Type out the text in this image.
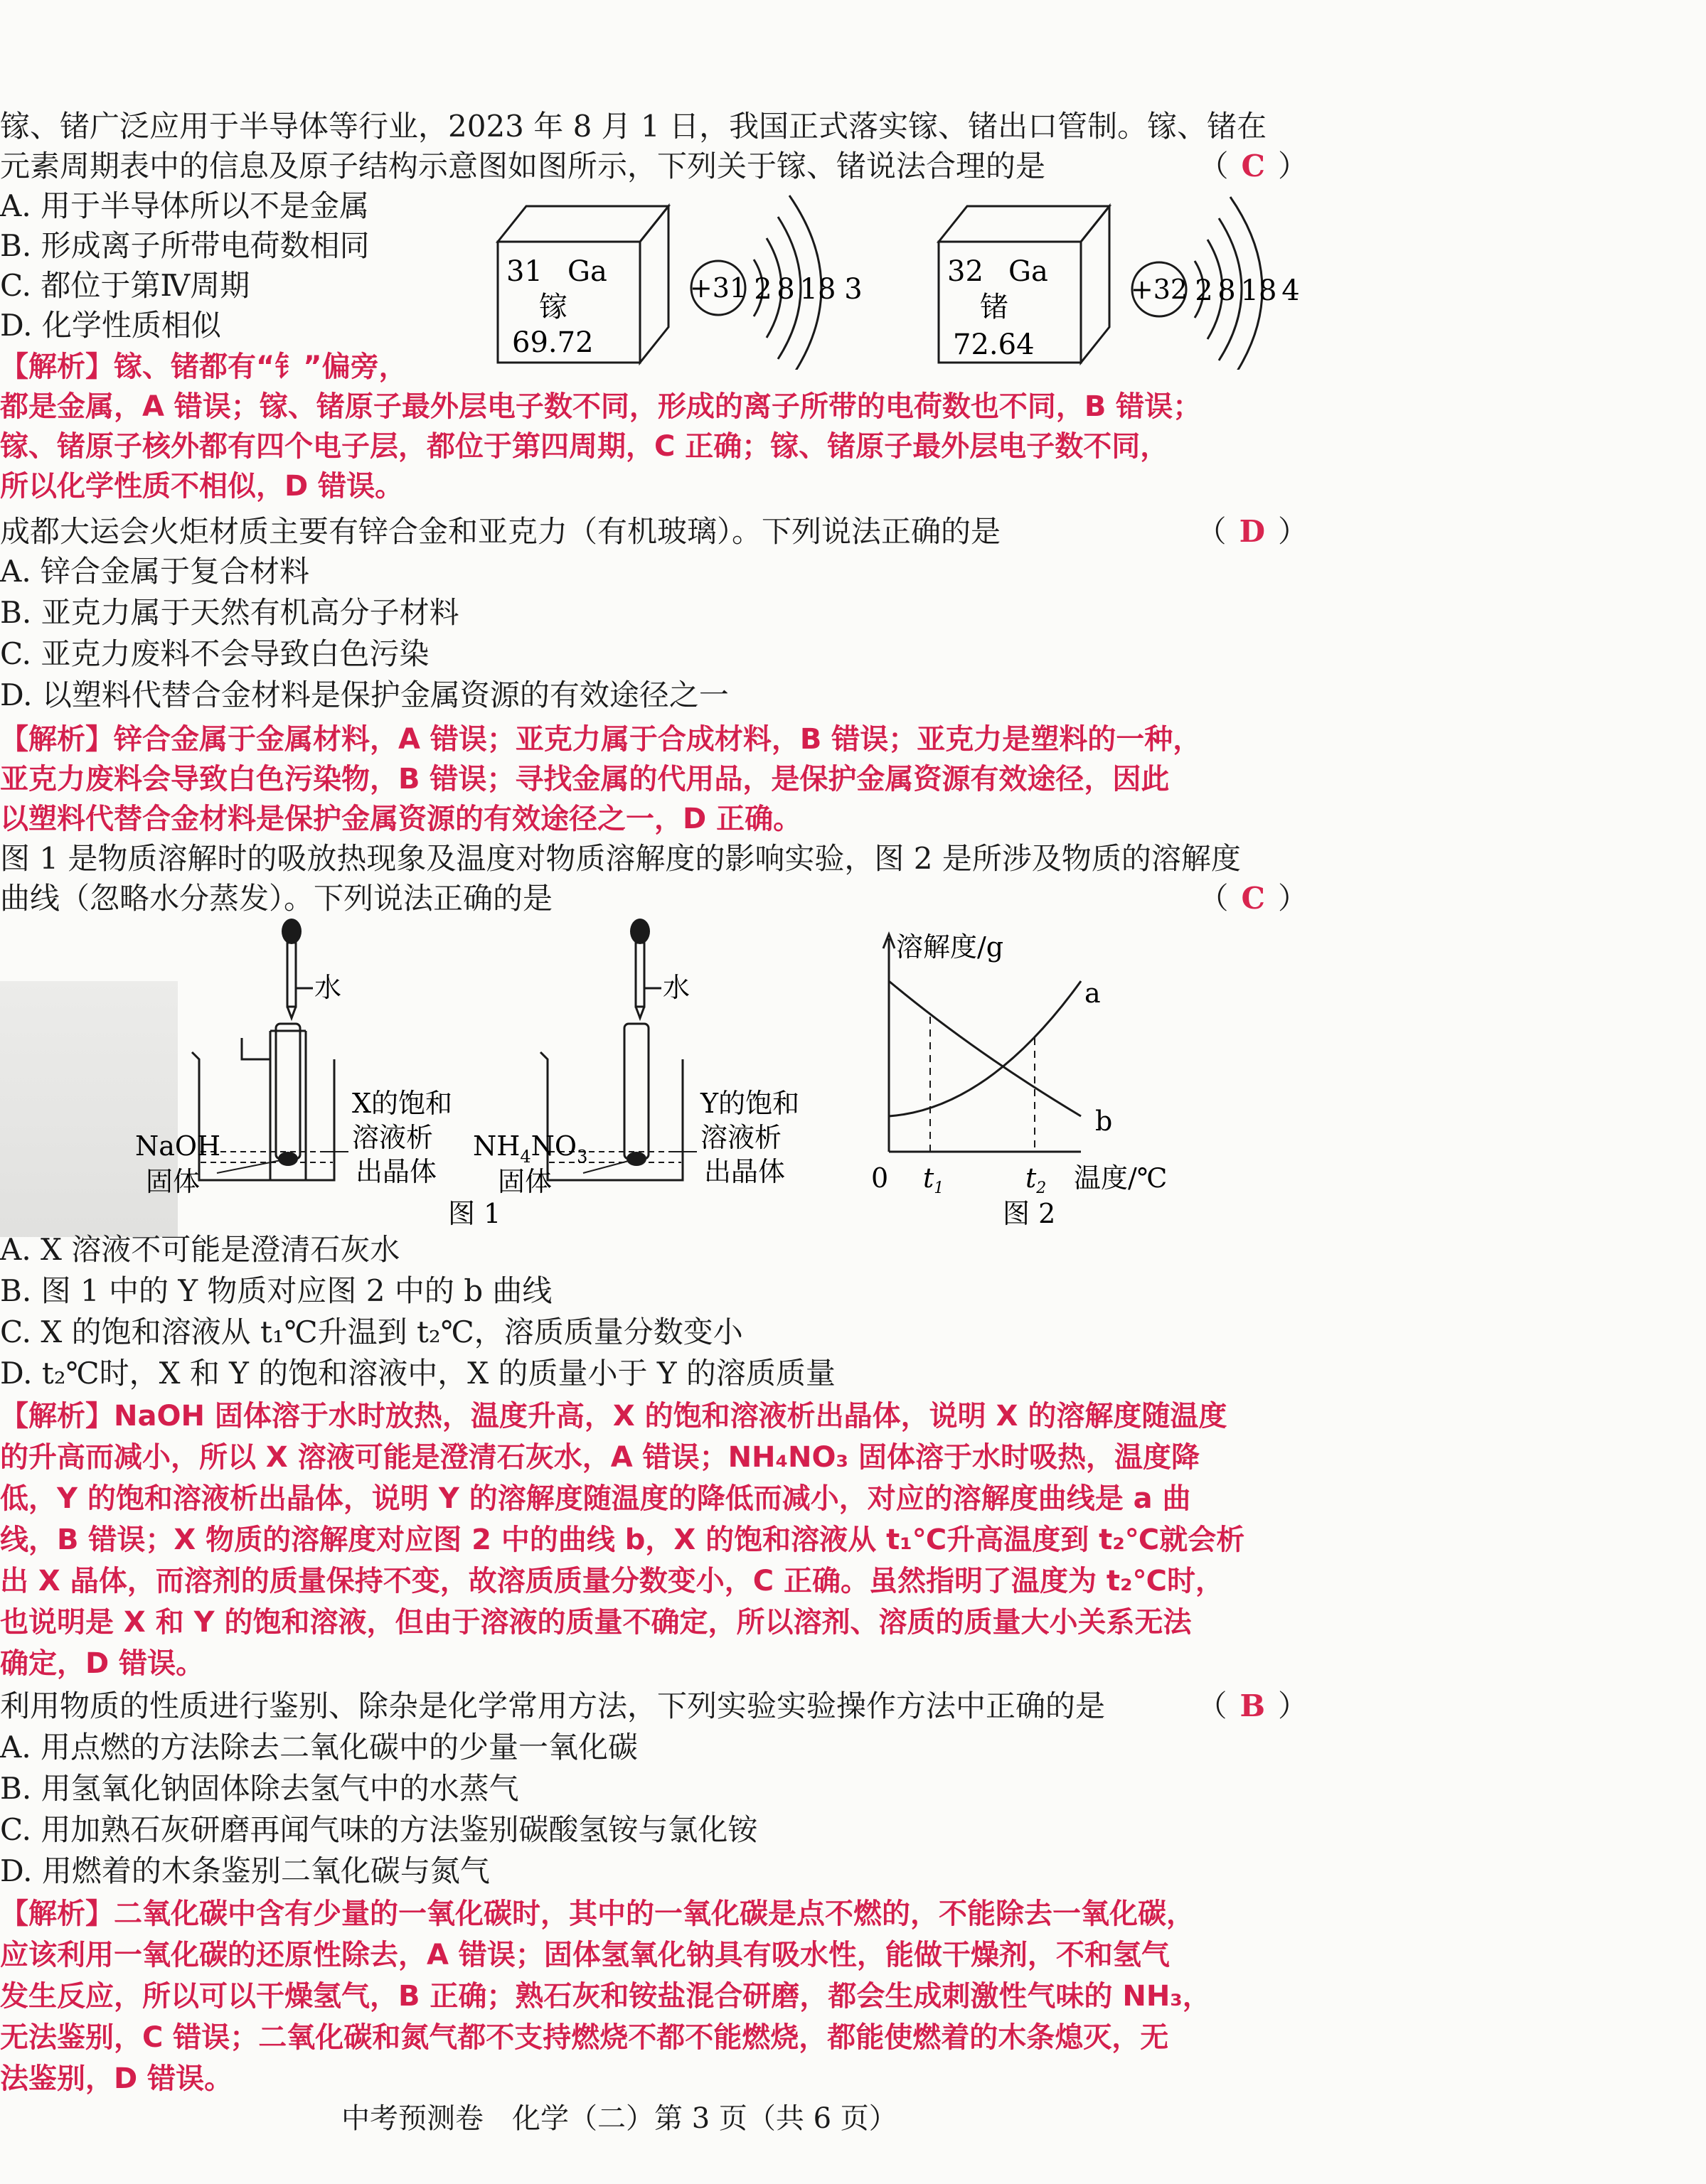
镓、锗广泛应用于半导体等行业，2023 年 8 月 1 日，我国正式落实镓、锗出口管制。镓、锗在
元素周期表中的信息及原子结构示意图如图所示，下列关于镓、锗说法合理的是	（ C ）
A. 用于半导体所以不是金属
B. 形成离子所带电荷数相同
C. 都位于第Ⅳ周期
D. 化学性质相似
31 Ga
镓
69.72
+31 2 8 18 3
32 Ga
锗
72.64
+32 2 8 18 4
【解析】镓、锗都有“钅”偏旁，
都是金属，A 错误；镓、锗原子最外层电子数不同，形成的离子所带的电荷数也不同，B 错误；
镓、锗原子核外都有四个电子层，都位于第四周期，C 正确；镓、锗原子最外层电子数不同，
所以化学性质不相似，D 错误。
成都大运会火炬材质主要有锌合金和亚克力（有机玻璃）。下列说法正确的是	（ D ）
A. 锌合金属于复合材料
B. 亚克力属于天然有机高分子材料
C. 亚克力废料不会导致白色污染
D. 以塑料代替合金材料是保护金属资源的有效途径之一
【解析】锌合金属于金属材料，A 错误；亚克力属于合成材料，B 错误；亚克力是塑料的一种，
亚克力废料会导致白色污染物，B 错误；寻找金属的代用品，是保护金属资源有效途径，因此
以塑料代替合金材料是保护金属资源的有效途径之一，D 正确。
图 1 是物质溶解时的吸放热现象及温度对物质溶解度的影响实验，图 2 是所涉及物质的溶解度
曲线（忽略水分蒸发）。下列说法正确的是	（ C ）
水
NaOH
固体
X的饱和
溶液析
出晶体
水
$NH_4NO_3$
固体
Y的饱和
溶液析
出晶体
图 1
溶解度/g
a
b
0 $t_1$	$t_2$ 温度/℃
图 2
A. X 溶液不可能是澄清石灰水
B. 图 1 中的 Y 物质对应图 2 中的 b 曲线
C. X 的饱和溶液从 t₁℃升温到 t₂℃，溶质质量分数变小
D. t₂℃时，X 和 Y 的饱和溶液中，X 的质量小于 Y 的溶质质量
【解析】NaOH 固体溶于水时放热，温度升高，X 的饱和溶液析出晶体，说明 X 的溶解度随温度
的升高而减小，所以 X 溶液可能是澄清石灰水，A 错误；NH₄NO₃ 固体溶于水时吸热，温度降
低，Y 的饱和溶液析出晶体，说明 Y 的溶解度随温度的降低而减小，对应的溶解度曲线是 a 曲
线，B 错误；X 物质的溶解度对应图 2 中的曲线 b，X 的饱和溶液从 t₁℃升高温度到 t₂℃就会析
出 X 晶体，而溶剂的质量保持不变，故溶质质量分数变小，C 正确。虽然指明了温度为 t₂℃时，
也说明是 X 和 Y 的饱和溶液，但由于溶液的质量不确定，所以溶剂、溶质的质量大小关系无法
确定，D 错误。
利用物质的性质进行鉴别、除杂是化学常用方法，下列实验实验操作方法中正确的是	（ B ）
A. 用点燃的方法除去二氧化碳中的少量一氧化碳
B. 用氢氧化钠固体除去氢气中的水蒸气
C. 用加熟石灰研磨再闻气味的方法鉴别碳酸氢铵与氯化铵
D. 用燃着的木条鉴别二氧化碳与氮气
【解析】二氧化碳中含有少量的一氧化碳时，其中的一氧化碳是点不燃的，不能除去一氧化碳，
应该利用一氧化碳的还原性除去，A 错误；固体氢氧化钠具有吸水性，能做干燥剂，不和氢气
发生反应，所以可以干燥氢气，B 正确；熟石灰和铵盐混合研磨，都会生成刺激性气味的 NH₃，
无法鉴别，C 错误；二氧化碳和氮气都不支持燃烧不都不能燃烧，都能使燃着的木条熄灭，无
法鉴别，D 错误。
中考预测卷　化学（二）第 3 页（共 6 页）
